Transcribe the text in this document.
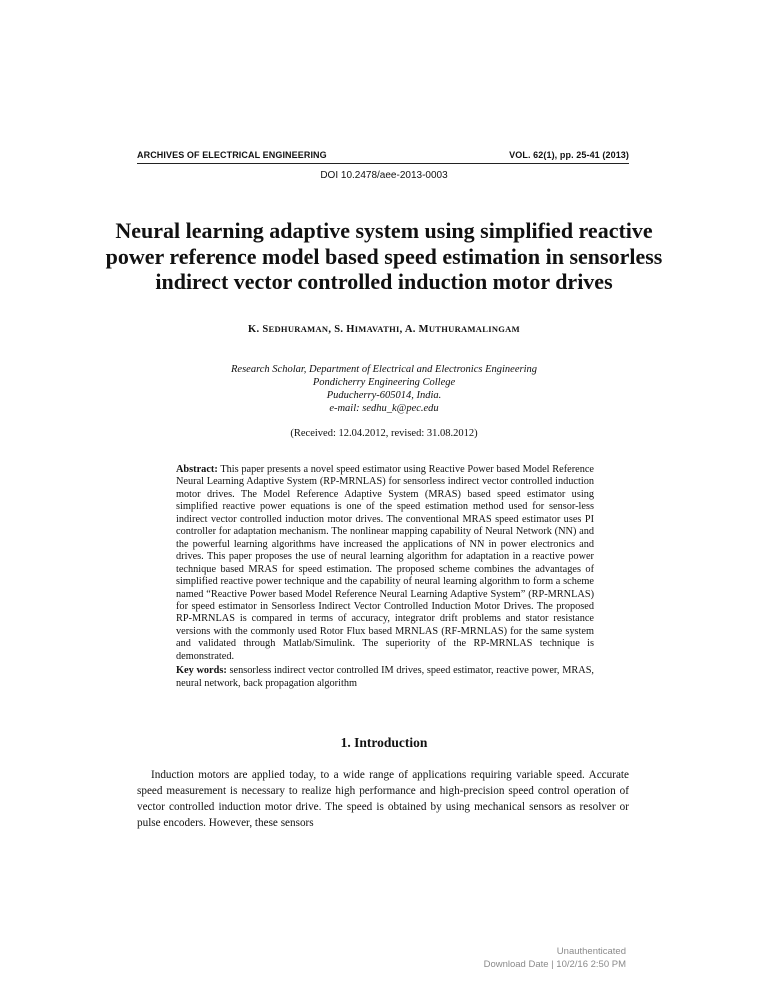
ARCHIVES OF ELECTRICAL ENGINEERING	VOL. 62(1), pp. 25-41 (2013)
DOI 10.2478/aee-2013-0003
Neural learning adaptive system using simplified reactive power reference model based speed estimation in sensorless indirect vector controlled induction motor drives
K. SEDHURAMAN, S. HIMAVATHI, A. MUTHURAMALINGAM
Research Scholar, Department of Electrical and Electronics Engineering
Pondicherry Engineering College
Puducherry-605014, India.
e-mail: sedhu_k@pec.edu
(Received: 12.04.2012, revised: 31.08.2012)

Abstract: This paper presents a novel speed estimator using Reactive Power based Model Reference Neural Learning Adaptive System (RP-MRNLAS) for sensorless indirect vector controlled induction motor drives. The Model Reference Adaptive System (MRAS) based speed estimator using simplified reactive power equations is one of the speed estimation method used for sensor-less indirect vector controlled induction motor drives. The conventional MRAS speed estimator uses PI controller for adaptation mechanism. The nonlinear mapping capability of Neural Network (NN) and the powerful learning algorithms have increased the applications of NN in power electronics and drives. This paper proposes the use of neural learning algorithm for adaptation in a reactive power technique based MRAS for speed estimation. The proposed scheme combines the advantages of simplified reactive power technique and the capability of neural learning algorithm to form a scheme named “Reactive Power based Model Reference Neural Learning Adaptive System” (RP-MRNLAS) for speed estimator in Sensorless Indirect Vector Controlled Induction Motor Drives. The proposed RP-MRNLAS is compared in terms of accuracy, integrator drift problems and stator resistance versions with the commonly used Rotor Flux based MRNLAS (RF-MRNLAS) for the same system and validated through Matlab/Simulink. The superiority of the RP-MRNLAS technique is demonstrated.

Key words: sensorless indirect vector controlled IM drives, speed estimator, reactive power, MRAS, neural network, back propagation algorithm

1. Introduction

Induction motors are applied today, to a wide range of applications requiring variable speed. Accurate speed measurement is necessary to realize high performance and high-precision speed control operation of vector controlled induction motor drive. The speed is obtained by using mechanical sensors as resolver or pulse encoders. However, these sensors

Unauthenticated
Download Date | 10/2/16 2:50 PM
